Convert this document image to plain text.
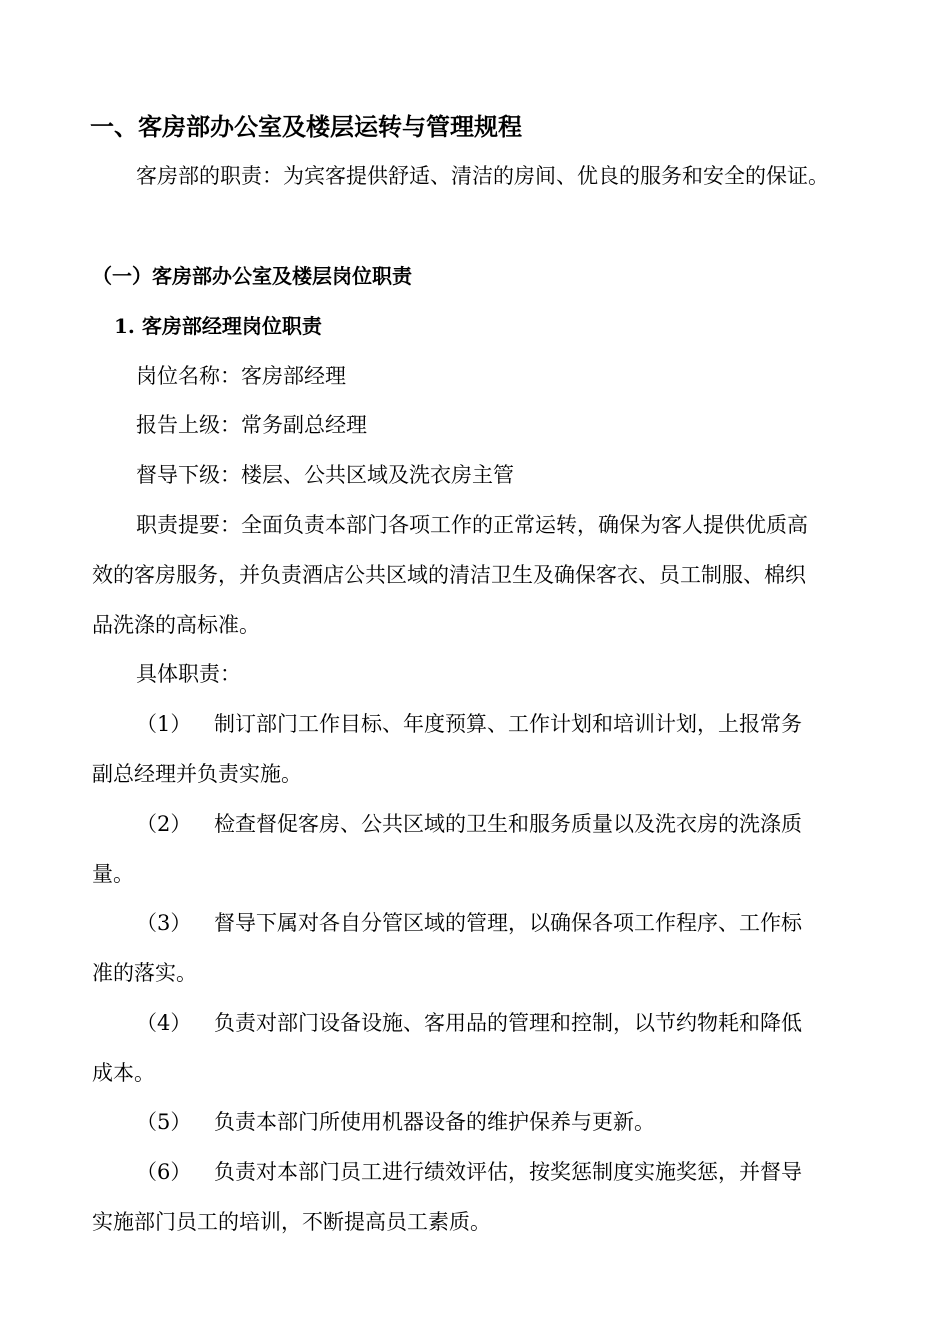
一、客房部办公室及楼层运转与管理规程
客房部的职责：为宾客提供舒适、清洁的房间、优良的服务和安全的保证。
（一）客房部办公室及楼层岗位职责
1. 客房部经理岗位职责
岗位名称：客房部经理
报告上级：常务副总经理
督导下级：楼层、公共区域及洗衣房主管
职责提要：全面负责本部门各项工作的正常运转，确保为客人提供优质高
效的客房服务，并负责酒店公共区域的清洁卫生及确保客衣、员工制服、棉织
品洗涤的高标准。
具体职责：
（1） 制订部门工作目标、年度预算、工作计划和培训计划，上报常务
副总经理并负责实施。
（2） 检查督促客房、公共区域的卫生和服务质量以及洗衣房的洗涤质
量。
（3） 督导下属对各自分管区域的管理，以确保各项工作程序、工作标
准的落实。
（4） 负责对部门设备设施、客用品的管理和控制，以节约物耗和降低
成本。
（5） 负责本部门所使用机器设备的维护保养与更新。
（6） 负责对本部门员工进行绩效评估，按奖惩制度实施奖惩，并督导
实施部门员工的培训，不断提高员工素质。
